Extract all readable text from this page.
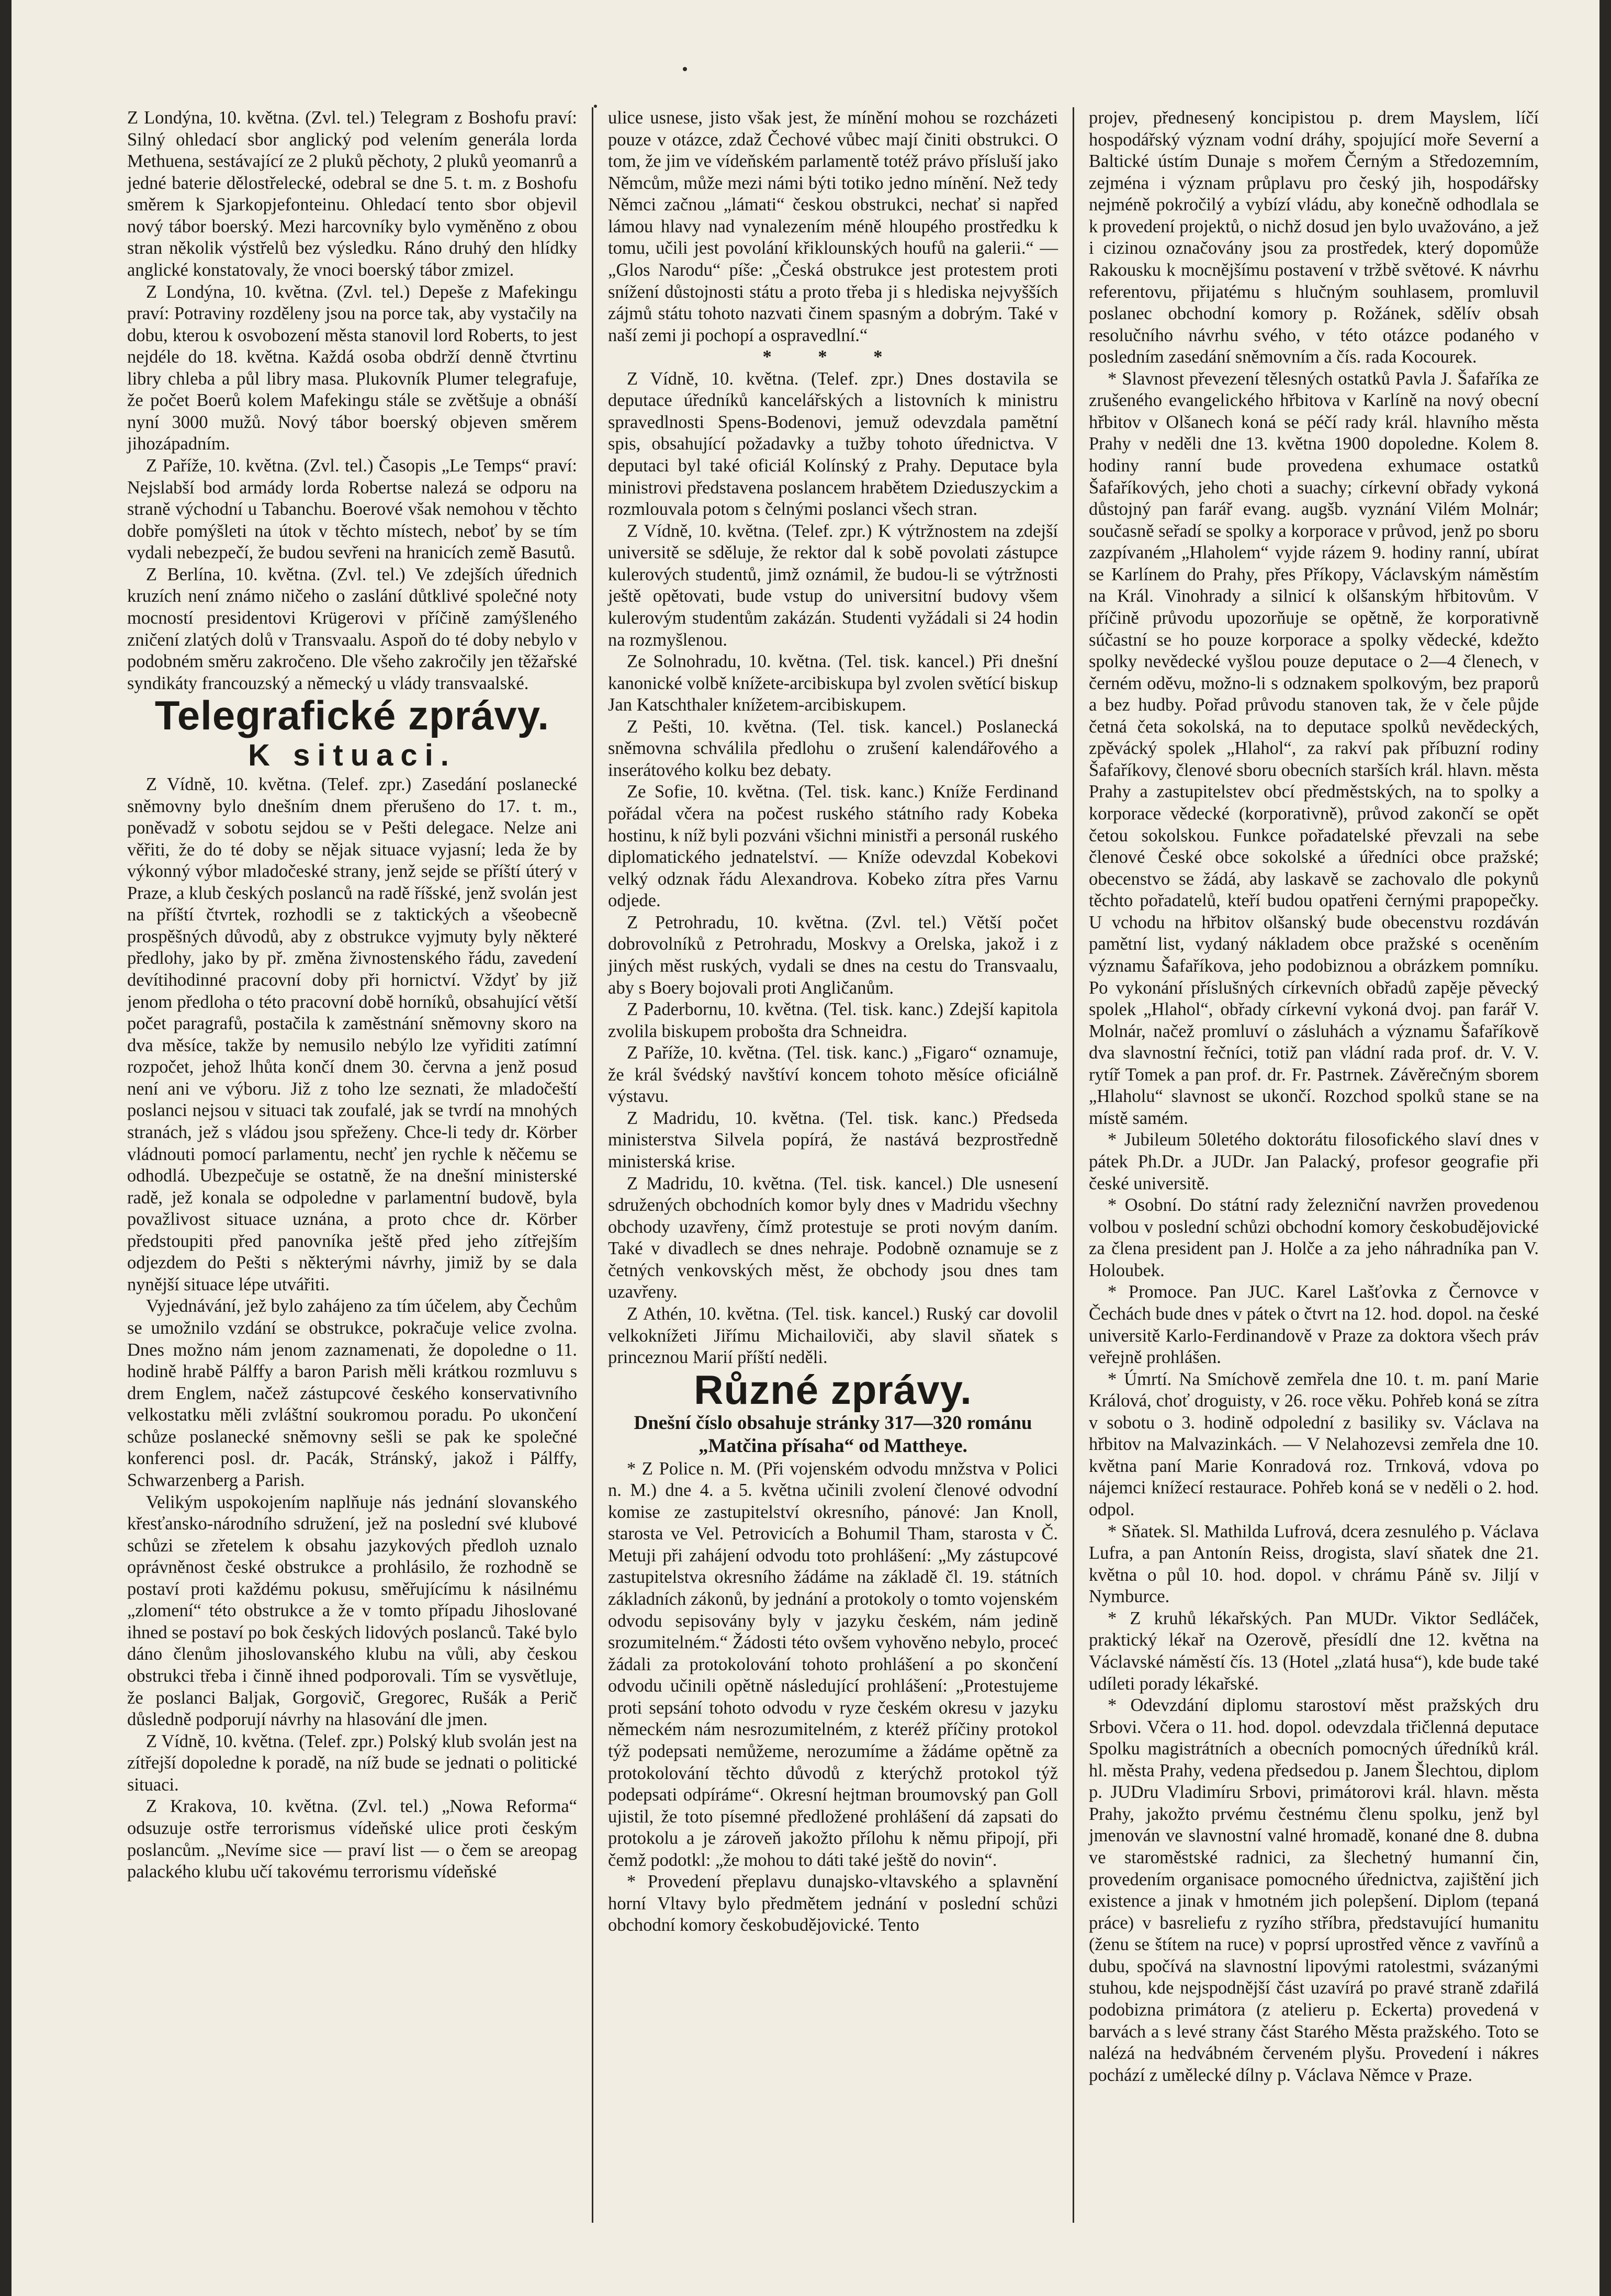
Z Londýna, 10. května. (Zvl. tel.) Telegram z Boshofu praví: Silný ohledací sbor anglický pod velením generála lorda Methuena, sestávající ze 2 pluků pěchoty, 2 pluků yeomanrů a jedné baterie dělostřelecké, odebral se dne 5. t. m. z Boshofu směrem k Sjarkopjefonteinu. Ohledací tento sbor objevil nový tábor boerský. Mezi harcovníky bylo vyměněno z obou stran několik výstřelů bez výsledku. Ráno druhý den hlídky anglické konstatovaly, že vnoci boerský tábor zmizel.

Z Londýna, 10. května. (Zvl. tel.) Depeše z Mafekingu praví: Potraviny rozděleny jsou na porce tak, aby vystačily na dobu, kterou k osvobození města stanovil lord Roberts, to jest nejdéle do 18. května. Každá osoba obdrží denně čtvrtinu libry chleba a půl libry masa. Plukovník Plumer telegrafuje, že počet Boerů kolem Mafekingu stále se zvětšuje a obnáší nyní 3000 mužů. Nový tábor boerský objeven směrem jihozápadním.

Z Paříže, 10. května. (Zvl. tel.) Časopis „Le Temps“ praví: Nejslabší bod armády lorda Robertse nalezá se odporu na straně východní u Tabanchu. Boerové však nemohou v těchto dobře pomýšleti na útok v těchto místech, neboť by se tím vydali nebezpečí, že budou sevřeni na hranicích země Basutů.

Z Berlína, 10. května. (Zvl. tel.) Ve zdejších úřednich kruzích není známo ničeho o zaslání důtklivé společné noty mocností presidentovi Krügerovi v příčině zamýšleného zničení zlatých dolů v Transvaalu. Aspoň do té doby nebylo v podobném směru zakročeno. Dle všeho zakročily jen těžařské syndikáty francouzský a německý u vlády transvaalské.

Telegrafické zprávy.

K situaci.

Z Vídně, 10. května. (Telef. zpr.) Zasedání poslanecké sněmovny bylo dnešním dnem přerušeno do 17. t. m., poněvadž v sobotu sejdou se v Pešti delegace. Nelze ani věřiti, že do té doby se nějak situace vyjasní; leda že by výkonný výbor mladočeské strany, jenž sejde se příští úterý v Praze, a klub českých poslanců na radě říšské, jenž svolán jest na příští čtvrtek, rozhodli se z taktických a všeobecně prospěšných důvodů, aby z obstrukce vyjmuty byly některé předlohy, jako by př. změna živnostenského řádu, zavedení devítihodinné pracovní doby při hornictví. Vždyť by již jenom předloha o této pracovní době horníků, obsahující větší počet paragrafů, postačila k zaměstnání sněmovny skoro na dva měsíce, takže by nemusilo nebýlo lze vyřiditi zatímní rozpočet, jehož lhůta končí dnem 30. června a jenž posud není ani ve výboru. Již z toho lze seznati, že mladočeští poslanci nejsou v situaci tak zoufalé, jak se tvrdí na mnohých stranách, jež s vládou jsou spřeženy. Chce-li tedy dr. Körber vládnouti pomocí parlamentu, nechť jen rychle k něčemu se odhodlá. Ubezpečuje se ostatně, že na dnešní ministerské radě, jež konala se odpoledne v parlamentní budově, byla považlivost situace uznána, a proto chce dr. Körber předstoupiti před panovníka ještě před jeho zítřejším odjezdem do Pešti s některými návrhy, jimiž by se dala nynější situace lépe utvářiti.

Vyjednávání, jež bylo zahájeno za tím účelem, aby Čechům se umožnilo vzdání se obstrukce, pokračuje velice zvolna. Dnes možno nám jenom zaznamenati, že dopoledne o 11. hodině hrabě Pálffy a baron Parish měli krátkou rozmluvu s drem Englem, načež zástupcové českého konservativního velkostatku měli zvláštní soukromou poradu. Po ukončení schůze poslanecké sněmovny sešli se pak ke společné konferenci posl. dr. Pacák, Stránský, jakož i Pálffy, Schwarzenberg a Parish.

Velikým uspokojením naplňuje nás jednání slovanského křesťansko-národního sdružení, jež na poslední své klubové schůzi se zřetelem k obsahu jazykových předloh uznalo oprávněnost české obstrukce a prohlásilo, že rozhodně se postaví proti každému pokusu, směřujícímu k násilnému „zlomení“ této obstrukce a že v tomto případu Jihoslované ihned se postaví po bok českých lidových poslanců. Také bylo dáno členům jihoslovanského klubu na vůli, aby českou obstrukci třeba i činně ihned podporovali. Tím se vysvětluje, že poslanci Baljak, Gorgovič, Gregorec, Rušák a Perič důsledně podporují návrhy na hlasování dle jmen.

Z Vídně, 10. května. (Telef. zpr.) Polský klub svolán jest na zítřejší dopoledne k poradě, na níž bude se jednati o politické situaci.

Z Krakova, 10. května. (Zvl. tel.) „Nowa Reforma“ odsuzuje ostře terrorismus vídeňské ulice proti českým poslancům. „Nevíme sice — praví list — o čem se areopag palackého klubu učí takovému terrorismu vídeňské

ulice usnese, jisto však jest, že mínění mohou se rozcházeti pouze v otázce, zdaž Čechové vůbec mají činiti obstrukci. O tom, že jim ve vídeňském parlamentě totéž právo přísluší jako Němcům, může mezi námi býti totiko jedno mínění. Než tedy Němci začnou „lámati“ českou obstrukci, nechať si napřed lámou hlavy nad vynalezením méně hloupého prostředku k tomu, učili jest povolání křiklounských houfů na galerii.“ — „Glos Narodu“ píše: „Česká obstrukce jest protestem proti snížení důstojnosti státu a proto třeba ji s hlediska nejvyšších zájmů státu tohoto nazvati činem spasným a dobrým. Také v naší zemi ji pochopí a ospravedlní.“

* * *

Z Vídně, 10. května. (Telef. zpr.) Dnes dostavila se deputace úředníků kancelářských a listovních k ministru spravedlnosti Spens-Bodenovi, jemuž odevzdala pamětní spis, obsahující požadavky a tužby tohoto úřednictva. V deputaci byl také oficiál Kolínský z Prahy. Deputace byla ministrovi představena poslancem hrabětem Dzieduszyckim a rozmlouvala potom s čelnými poslanci všech stran.

Z Vídně, 10. května. (Telef. zpr.) K výtržnostem na zdejší universitě se sděluje, že rektor dal k sobě povolati zástupce kulerových studentů, jimž oznámil, že budou-li se výtržnosti ještě opětovati, bude vstup do universitní budovy všem kulerovým studentům zakázán. Studenti vyžádali si 24 hodin na rozmyšlenou.

Ze Solnohradu, 10. května. (Tel. tisk. kancel.) Při dnešní kanonické volbě knížete-arcibiskupa byl zvolen světící biskup Jan Katschthaler knížetem-arcibiskupem.

Z Pešti, 10. května. (Tel. tisk. kancel.) Poslanecká sněmovna schválila předlohu o zrušení kalendářového a inserátového kolku bez debaty.

Ze Sofie, 10. května. (Tel. tisk. kanc.) Kníže Ferdinand pořádal včera na počest ruského státního rady Kobeka hostinu, k níž byli pozváni všichni ministři a personál ruského diplomatického jednatelství. — Kníže odevzdal Kobekovi velký odznak řádu Alexandrova. Kobeko zítra přes Varnu odjede.

Z Petrohradu, 10. května. (Zvl. tel.) Větší počet dobrovolníků z Petrohradu, Moskvy a Orelska, jakož i z jiných měst ruských, vydali se dnes na cestu do Transvaalu, aby s Boery bojovali proti Angličanům.

Z Paderbornu, 10. května. (Tel. tisk. kanc.) Zdejší kapitola zvolila biskupem proboštа dra Schneidra.

Z Paříže, 10. května. (Tel. tisk. kanc.) „Figaro“ oznamuje, že král švédský navštíví koncem tohoto měsíce oficiálně výstavu.

Z Madridu, 10. května. (Tel. tisk. kanc.) Předseda ministerstva Silvela popírá, že nastává bezprostředně ministerská krise.

Z Madridu, 10. května. (Tel. tisk. kancel.) Dle usnesení sdružených obchodních komor byly dnes v Madridu všechny obchody uzavřeny, čímž protestuje se proti novým daním. Také v divadlech se dnes nehraje. Podobně oznamuje se z četných venkovských měst, že obchody jsou dnes tam uzavřeny.

Z Athén, 10. května. (Tel. tisk. kancel.) Ruský car dovolil velkoknížeti Jiřímu Michailoviči, aby slavil sňatek s princeznou Marií příští neděli.

Různé zprávy.

Dnešní číslo obsahuje stránky 317—320 románu „Matčina přísaha“ od Mattheye.

* Z Police n. M. (Při vojenském odvodu mnžstva v Polici n. M.) dne 4. a 5. května učinili zvolení členové odvodní komise ze zastupitelství okresního, pánové: Jan Knoll, starosta ve Vel. Petrovicích a Bohumil Tham, starosta v Č. Metuji při zahájení odvodu toto prohlášení: „My zástupcové zastupitelstva okresního žádáme na základě čl. 19. státních základních zákonů, by jednání a protokoly o tomto vojenském odvodu sepisovány byly v jazyku českém, nám jedině srozumitelném.“ Žádosti této ovšem vyhověno nebylo, proceć žádali za protokolování tohoto prohlášení a po skončení odvodu učinili opětně následující prohlášení: „Protestujeme proti sepsání tohoto odvodu v ryze českém okresu v jazyku německém nám nesrozumitelném, z kteréž příčiny protokol týž podepsati nemůžeme, nerozumíme a žádáme opětně za protokolování těchto důvodů z kterýchž protokol týž podepsati odpíráme“. Okresní hejtman broumovský pan Goll ujistil, že toto písemné předložené prohlášení dá zapsati do protokolu a je zároveň jakožto přílohu k němu připojí, při čemž podotkl: „že mohou to dáti také ještě do novin“.

* Provedení přeplavu dunajsko-vltavského a splavnění horní Vltavy bylo předmětem jednání v poslední schůzi obchodní komory českobudějovické. Tento

projev, přednesený koncipistou p. drem Mayslem, líčí hospodářský význam vodní dráhy, spojující moře Severní a Baltické ústím Dunaje s mořem Černým a Středozemním, zejména i význam průplavu pro český jih, hospodářsky nejméně pokročilý a vybízí vládu, aby konečně odhodlala se k provedení projektů, o nichž dosud jen bylo uvažováno, a jež i cizinou označovány jsou za prostředek, který dopomůže Rakousku k mocnějšímu postavení v tržbě světové. K návrhu referentovu, přijatému s hlučným souhlasem, promluvil poslanec obchodní komory p. Rožánek, sdělív obsah resolučního návrhu svého, v této otázce podaného v posledním zasedání sněmovním a čís. rada Kocourek.

* Slavnost převezení tělesných ostatků Pavla J. Šafaříka ze zrušeného evangelického hřbitova v Karlíně na nový obecní hřbitov v Olšanech koná se péčí rady král. hlavního města Prahy v neděli dne 13. května 1900 dopoledne. Kolem 8. hodiny ranní bude provedena exhumace ostatků Šafaříkových, jeho choti a suachy; církevní obřady vykoná důstojný pan farář evang. augšb. vyznání Vilém Molnár; současně seřadí se spolky a korporace v průvod, jenž po sboru zazpívaném „Hlaholem“ vyjde rázem 9. hodiny ranní, ubírat se Karlínem do Prahy, přes Příkopy, Václavským náměstím na Král. Vinohrady a silnicí k olšanským hřbitovům. V příčině průvodu upozorňuje se opětně, že korporativně súčastní se ho pouze korporace a spolky vědecké, kdežto spolky nevědecké vyšlou pouze deputace o 2—4 členech, v černém oděvu, možno-li s odznakem spolkovým, bez praporů a bez hudby. Pořad průvodu stanoven tak, že v čele půjde četná četa sokolská, na to deputace spolků nevědeckých, zpěvácký spolek „Hlahol“, za rakví pak příbuzní rodiny Šafaříkovy, členové sboru obecních starších král. hlavn. města Prahy a zastupitelstev obcí předměstských, na to spolky a korporace vědecké (korporativně), průvod zakončí se opět četou sokolskou. Funkce pořadatelské převzali na sebe členové České obce sokolské a úředníci obce pražské; obecenstvo se žádá, aby laskavě se zachovalo dle pokynů těchto pořadatelů, kteří budou opatřeni černými prapoрečky. U vchodu na hřbitov olšanský bude obecenstvu rozdáván pamětní list, vydaný nákladem obce pražské s oceněním významu Šafaříkova, jeho podobiznou a obrázkem pomníku. Po vykonání příslušných církevních obřadů zapěje pěvecký spolek „Hlahol“, obřady církevní vykoná dvoj. pan farář V. Molnár, načež promluví o zásluhách a významu Šafaříkově dva slavnostní řečníci, totiž pan vládní rada prof. dr. V. V. rytíř Tomek a pan prof. dr. Fr. Pastrnek. Závěrečným sborem „Hlaholu“ slavnost se ukončí. Rozchod spolků stane se na místě samém.

* Jubileum 50letého doktorátu filosofického slaví dnes v pátek Ph.Dr. a JUDr. Jan Palacký, profesor geografie při české universitě.

* Osobní. Do státní rady železniční navržen provedenou volbou v poslední schůzi obchodní komory českobudějovické za člena president pan J. Holče a za jeho náhradníka pan V. Holoubek.

* Promoce. Pan JUC. Karel Lašťovka z Černovce v Čechách bude dnes v pátek o čtvrt na 12. hod. dopol. na české universitě Karlo-Ferdinandově v Praze za doktora všech práv veřejně prohlášen.

* Úmrtí. Na Smíchově zemřela dne 10. t. m. paní Marie Králová, choť droguisty, v 26. roce věku. Pohřeb koná se zítra v sobotu o 3. hodině odpolední z basiliky sv. Václava na hřbitov na Malvazinkách. — V Nelahozevsi zemřela dne 10. května paní Marie Konradová roz. Trnková, vdova po nájemci knížecí restaurace. Pohřeb koná se v neděli o 2. hod. odpol.

* Sňatek. Sl. Mathilda Lufrová, dcera zesnulého p. Václava Lufra, a pan Antonín Reiss, drogista, slaví sňatek dne 21. května o půl 10. hod. dopol. v chrámu Páně sv. Jiljí v Nymburce.

* Z kruhů lékařských. Pan MUDr. Viktor Sedláček, praktický lékař na Ozerově, přesídlí dne 12. května na Václavské náměstí čís. 13 (Hotel „zlatá husa“), kde bude také udíleti porady lékařské.

* Odevzdání diplomu starostoví měst pražských dru Srbovi. Včera o 11. hod. dopol. odevzdala třičlenná deputace Spolku magistrátních a obecních pomocných úředníků král. hl. města Prahy, vedena předsedou p. Janem Šlechtou, diplom p. JUDru Vladimíru Srbovi, primátorovi král. hlavn. města Prahy, jakožto prvému čestnému členu spolku, jenž byl jmenován ve slavnostní valné hromadě, konané dne 8. dubna ve staroměstské radnici, za šlechetný humanní čin, provedením organisace pomocného úřednictva, zajištění jich existence a jinak v hmotném jich polepšení. Diplom (tepaná práce) v basreliefu z ryzího stříbra, představující humanitu (ženu se štítem na ruce) v poprsí uprostřed věnce z vavřínů a dubu, spočívá na slavnostní lipovými ratolestmi, svázanými stuhou, kde nejspodnější část uzavírá po pravé straně zdařilá podobizna primátora (z atelieru p. Eckerta) provedená v barvách a s levé strany část Starého Města pražského. Toto se nalézá na hedvábném červeném plyšu. Provedení i nákres pochází z umělecké dílny p. Václava Němce v Praze.
